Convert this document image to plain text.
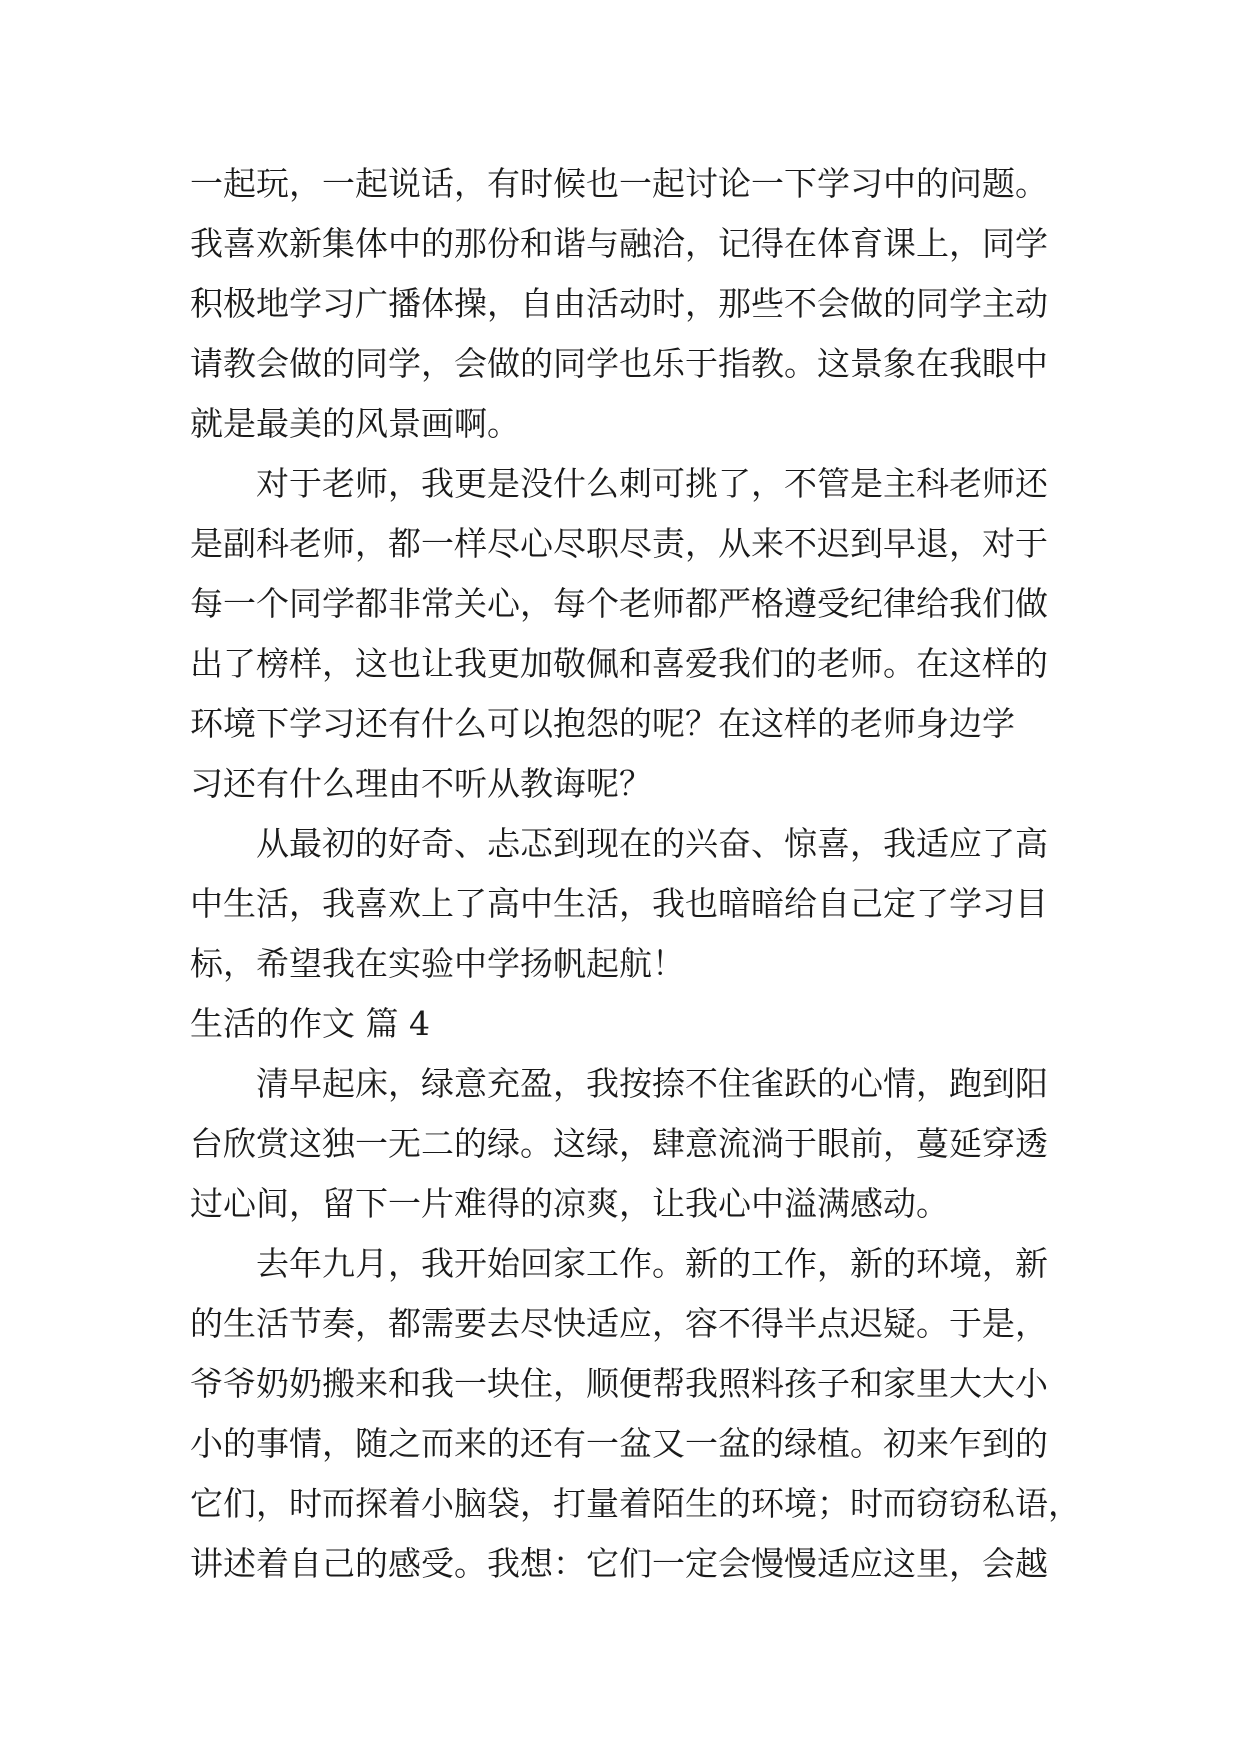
一起玩，一起说话，有时候也一起讨论一下学习中的问题。
我喜欢新集体中的那份和谐与融洽，记得在体育课上，同学
积极地学习广播体操，自由活动时，那些不会做的同学主动
请教会做的同学，会做的同学也乐于指教。这景象在我眼中
就是最美的风景画啊。
对于老师，我更是没什么刺可挑了，不管是主科老师还
是副科老师，都一样尽心尽职尽责，从来不迟到早退，对于
每一个同学都非常关心，每个老师都严格遵受纪律给我们做
出了榜样，这也让我更加敬佩和喜爱我们的老师。在这样的
环境下学习还有什么可以抱怨的呢？在这样的老师身边学
习还有什么理由不听从教诲呢？
从最初的好奇、忐忑到现在的兴奋、惊喜，我适应了高
中生活，我喜欢上了高中生活，我也暗暗给自己定了学习目
标，希望我在实验中学扬帆起航！
生活的作文 篇 4
清早起床，绿意充盈，我按捺不住雀跃的心情，跑到阳
台欣赏这独一无二的绿。这绿，肆意流淌于眼前，蔓延穿透
过心间，留下一片难得的凉爽，让我心中溢满感动。
去年九月，我开始回家工作。新的工作，新的环境，新
的生活节奏，都需要去尽快适应，容不得半点迟疑。于是，
爷爷奶奶搬来和我一块住，顺便帮我照料孩子和家里大大小
小的事情，随之而来的还有一盆又一盆的绿植。初来乍到的
它们，时而探着小脑袋，打量着陌生的环境；时而窃窃私语，
讲述着自己的感受。我想：它们一定会慢慢适应这里，会越
